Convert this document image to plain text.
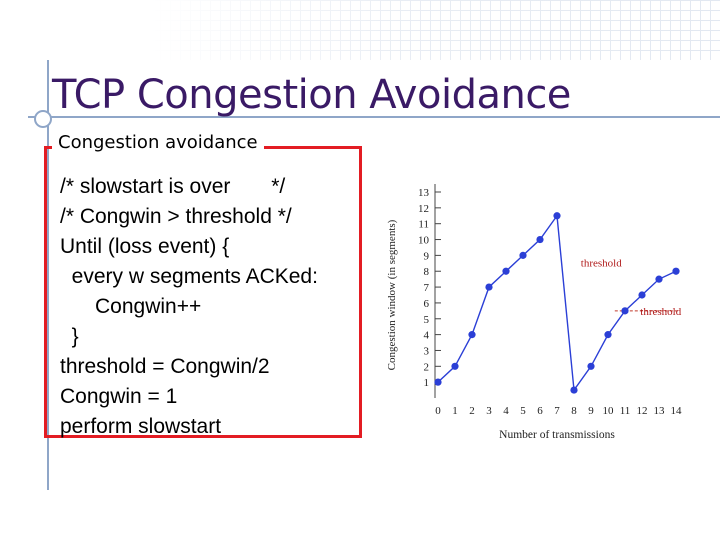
TCP Congestion Avoidance
Congestion avoidance
/* slowstart is over       */
/* Congwin > threshold */
Until (loss event) {
every w segments ACKed:
Congwin++
}
threshold = Congwin/2
Congwin = 1
perform slowstart
1
2
3
4
5
6
7
8
9
10
11
12
13
0 1 2 3 4 5 6 7 8 9 10 11 12 13 14
Congestion window (in segments)
Number of transmissions
threshold
threshold
